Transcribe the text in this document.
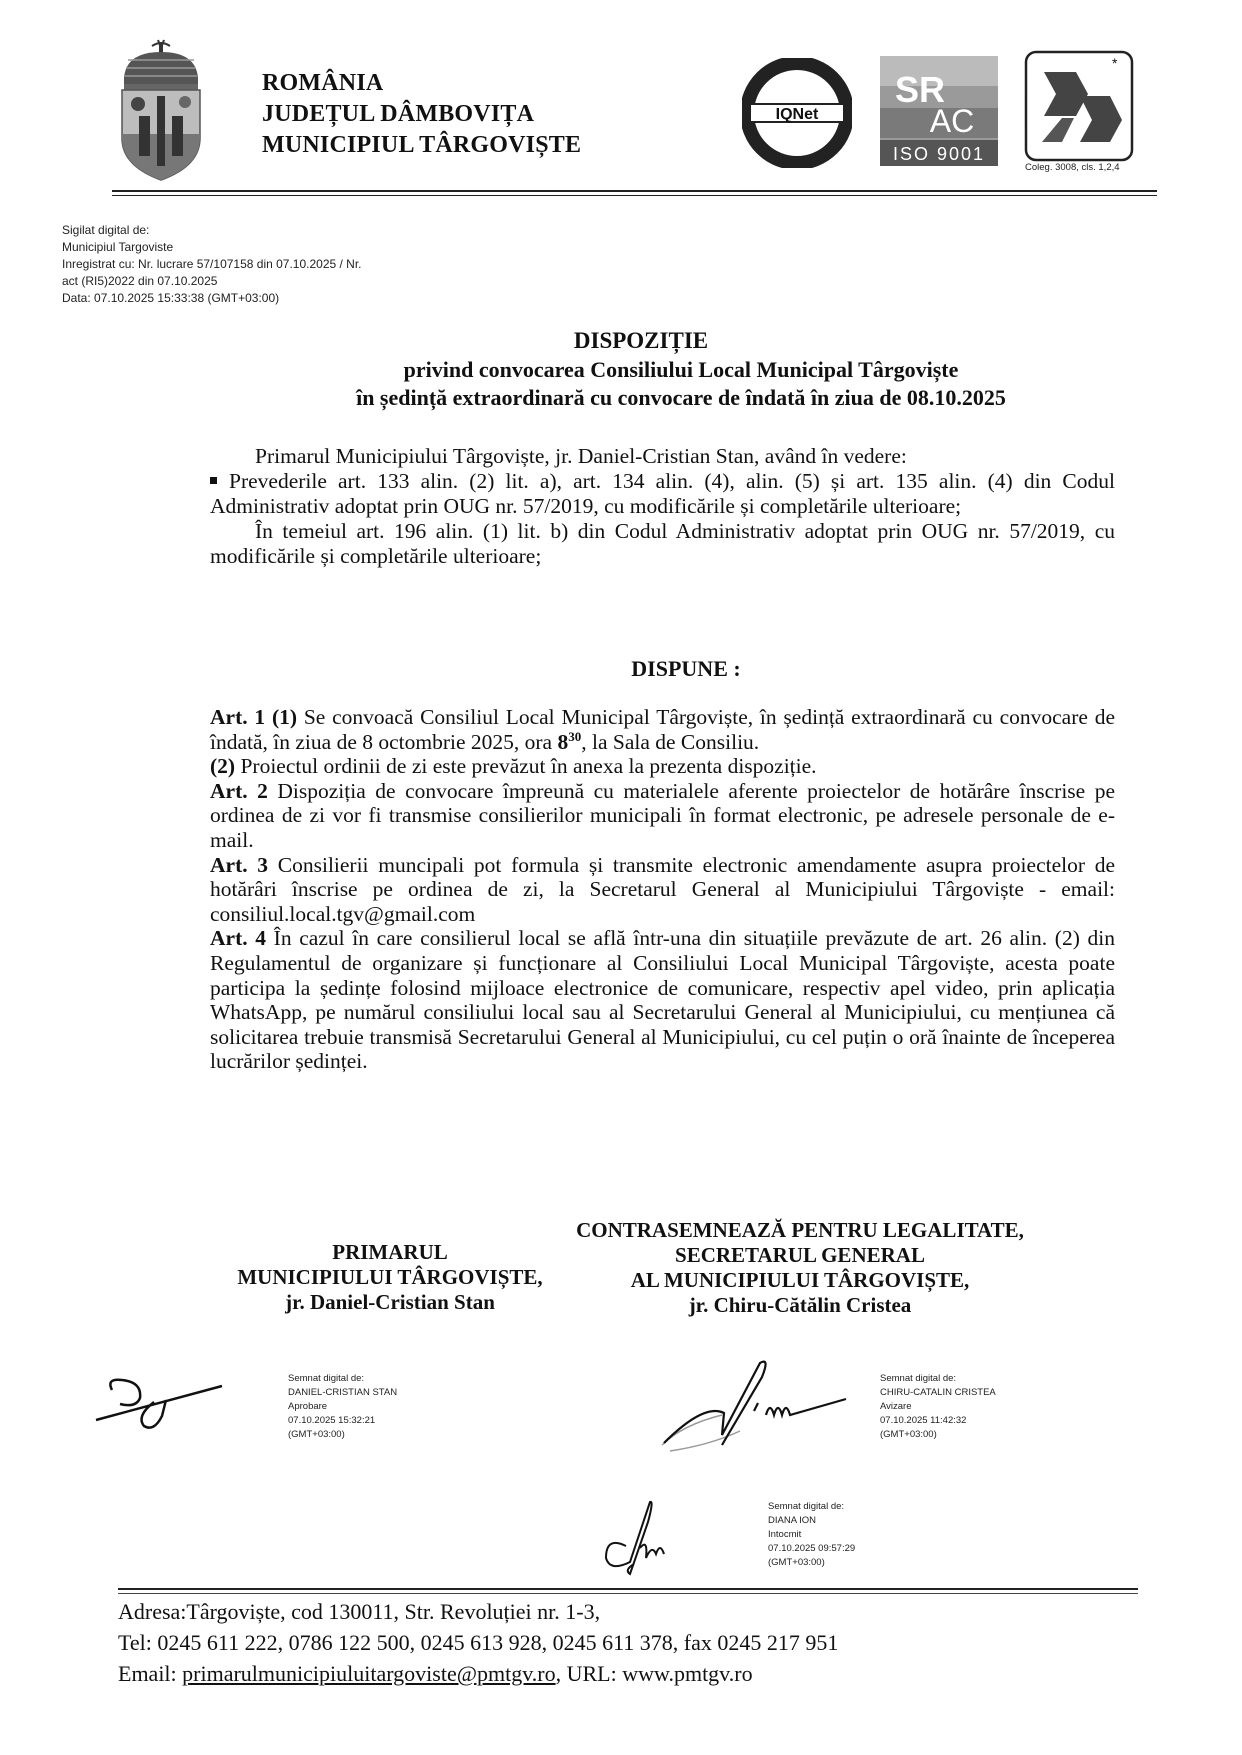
ROMÂNIA
JUDEȚUL DÂMBOVIȚA
MUNICIPIUL TÂRGOVIȘTE
IQNet
SR
AC
ISO 9001
*
Coleg. 3008, cls. 1,2,4
Sigilat digital de:
Municipiul Targoviste
Inregistrat cu: Nr. lucrare 57/107158 din 07.10.2025 / Nr.
act (RI5)2022 din 07.10.2025
Data: 07.10.2025 15:33:38 (GMT+03:00)
DISPOZIȚIE
privind convocarea Consiliului Local Municipal Târgoviște
în ședință extraordinară cu convocare de îndată în ziua de 08.10.2025

Primarul Municipiului Târgoviște, jr. Daniel-Cristian Stan, având în vedere:

Prevederile art. 133 alin. (2) lit. a), art. 134 alin. (4), alin. (5) și art. 135 alin. (4) din Codul Administrativ adoptat prin OUG nr. 57/2019, cu modificările și completările ulterioare;

În temeiul art. 196 alin. (1) lit. b) din Codul Administrativ adoptat prin OUG nr. 57/2019, cu modificările și completările ulterioare;

DISPUNE :

Art. 1 (1) Se convoacă Consiliul Local Municipal Târgoviște, în ședință extraordinară cu convocare de îndată, în ziua de 8 octombrie 2025, ora $8^{30}$, la Sala de Consiliu.

(2) Proiectul ordinii de zi este prevăzut în anexa la prezenta dispoziție.

Art. 2 Dispoziția de convocare împreună cu materialele aferente proiectelor de hotărâre înscrise pe ordinea de zi vor fi transmise consilierilor municipali în format electronic, pe adresele personale de e-mail.

Art. 3 Consilierii muncipali pot formula și transmite electronic amendamente asupra proiectelor de hotărâri înscrise pe ordinea de zi, la Secretarul General al Municipiului Târgoviște - email: consiliul.local.tgv@gmail.com

Art. 4 În cazul în care consilierul local se află într-una din situațiile prevăzute de art. 26 alin. (2) din Regulamentul de organizare și funcționare al Consiliului Local Municipal Târgoviște, acesta poate participa la ședințe folosind mijloace electronice de comunicare, respectiv apel video, prin aplicația WhatsApp, pe numărul consiliului local sau al Secretarului General al Municipiului, cu mențiunea că solicitarea trebuie transmisă Secretarului General al Municipiului, cu cel puțin o oră înainte de începerea lucrărilor ședinței.

PRIMARUL
MUNICIPIULUI TÂRGOVIȘTE,
jr. Daniel-Cristian Stan
CONTRASEMNEAZĂ PENTRU LEGALITATE,
SECRETARUL GENERAL
AL MUNICIPIULUI TÂRGOVIȘTE,
jr. Chiru-Cătălin Cristea
Semnat digital de:
DANIEL-CRISTIAN STAN
Aprobare
07.10.2025 15:32:21
(GMT+03:00)
Semnat digital de:
CHIRU-CATALIN CRISTEA
Avizare
07.10.2025 11:42:32
(GMT+03:00)
Semnat digital de:
DIANA ION
Intocmit
07.10.2025 09:57:29
(GMT+03:00)
Adresa:Târgoviște, cod 130011, Str. Revoluției nr. 1-3,
Tel: 0245 611 222, 0786 122 500, 0245 613 928, 0245 611 378, fax 0245 217 951
Email: primarulmunicipiuluitargoviste@pmtgv.ro, URL: www.pmtgv.ro
